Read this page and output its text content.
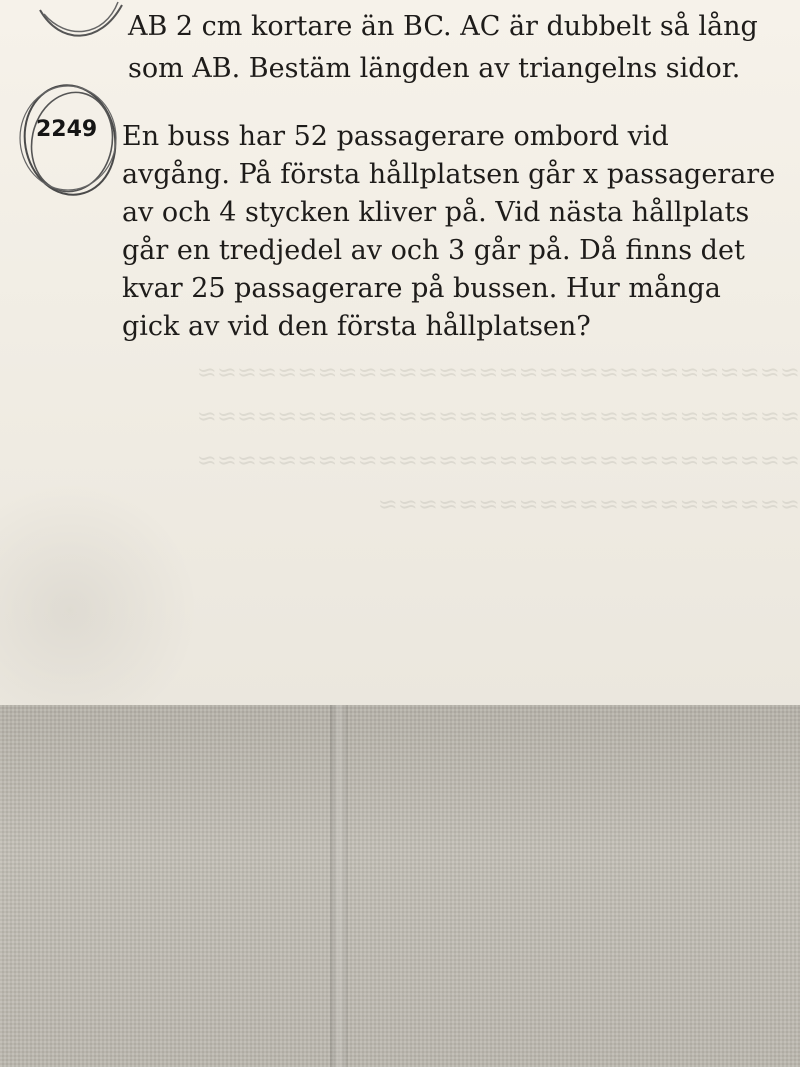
≈≈≈≈≈≈≈≈≈≈≈≈≈≈≈≈≈≈≈≈≈≈≈≈≈≈≈≈≈≈
≈≈≈≈≈≈≈≈≈≈≈≈≈≈≈≈≈≈≈≈≈≈≈≈≈≈≈≈≈≈
≈≈≈≈≈≈≈≈≈≈≈≈≈≈≈≈≈≈≈≈≈≈≈≈≈≈≈≈≈≈
≈≈≈≈≈≈≈≈≈≈≈≈≈≈≈≈≈≈≈≈≈
AB 2 cm kortare än BC. AC är dubbelt så lång
som AB. Bestäm längden av triangelns sidor.
2249 En buss har 52 passagerare ombord vid
avgång. På första hållplatsen går x passagerare
av och 4 stycken kliver på. Vid nästa hållplats
går en tredjedel av och 3 går på. Då finns det
kvar 25 passagerare på bussen. Hur många
gick av vid den första hållplatsen?
